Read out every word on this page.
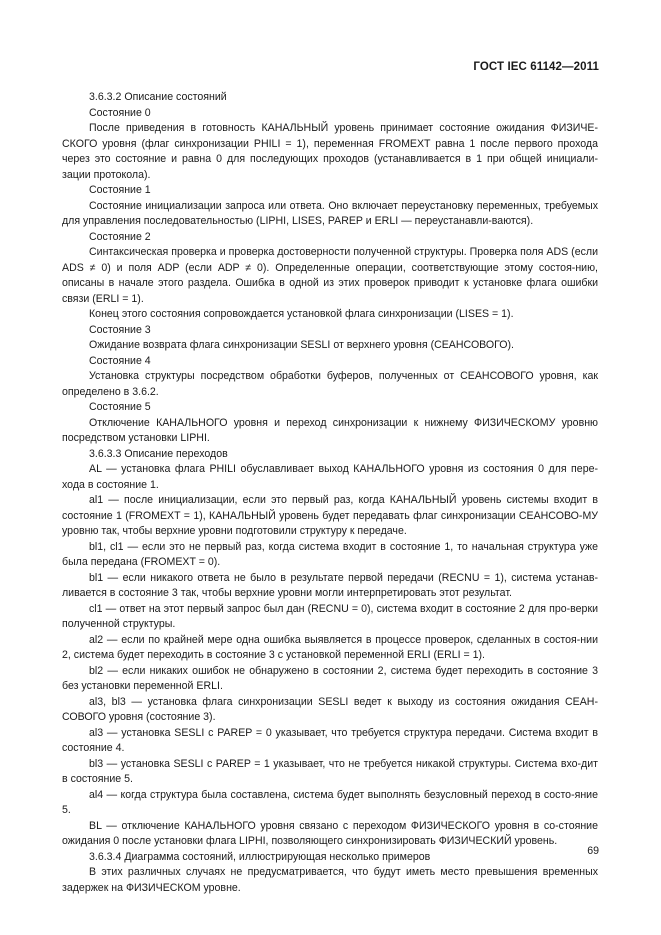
ГОСТ IEC 61142—2011

3.6.3.2 Описание состояний

Состояние 0

После приведения в готовность КАНАЛЬНЫЙ уровень принимает состояние ожидания ФИЗИЧЕ-СКОГО уровня (флаг синхронизации PHILI = 1), переменная FROMEXT равна 1 после первого прохода через это состояние и равна 0 для последующих проходов (устанавливается в 1 при общей инициали-зации протокола).

Состояние 1

Состояние инициализации запроса или ответа. Оно включает переустановку переменных, требуемых для управления последовательностью (LIPHI, LISES, PAREP и ERLI — переустанавли-ваются).

Состояние 2

Синтаксическая проверка и проверка достоверности полученной структуры. Проверка поля ADS (если ADS ≠ 0) и поля ADP (если ADP ≠ 0). Определенные операции, соответствующие этому состоя-нию, описаны в начале этого раздела. Ошибка в одной из этих проверок приводит к установке флага ошибки связи (ERLI = 1).

Конец этого состояния сопровождается установкой флага синхронизации (LISES = 1).

Состояние 3

Ожидание возврата флага синхронизации SESLI от верхнего уровня (СЕАНСОВОГО).

Состояние 4

Установка структуры посредством обработки буферов, полученных от СЕАНСОВОГО уровня, как определено в 3.6.2.

Состояние 5

Отключение КАНАЛЬНОГО уровня и переход синхронизации к нижнему ФИЗИЧЕСКОМУ уровню посредством установки LIPHI.

3.6.3.3 Описание переходов

AL — установка флага PHILI обуславливает выход КАНАЛЬНОГО уровня из состояния 0 для пере-хода в состояние 1.

al1 — после инициализации, если это первый раз, когда КАНАЛЬНЫЙ уровень системы входит в состояние 1 (FROMEXT = 1), КАНАЛЬНЫЙ уровень будет передавать флаг синхронизации СЕАНСОВО-МУ уровню так, чтобы верхние уровни подготовили структуру к передаче.

bl1, cl1 — если это не первый раз, когда система входит в состояние 1, то начальная структура уже была передана (FROMEXT = 0).

bl1 — если никакого ответа не было в результате первой передачи (RECNU = 1), система устанав-ливается в состояние 3 так, чтобы верхние уровни могли интерпретировать этот результат.

cl1 — ответ на этот первый запрос был дан (RECNU = 0), система входит в состояние 2 для про-верки полученной структуры.

al2 — если по крайней мере одна ошибка выявляется в процессе проверок, сделанных в состоя-нии 2, система будет переходить в состояние 3 с установкой переменной ERLI (ERLI = 1).

bl2 — если никаких ошибок не обнаружено в состоянии 2, система будет переходить в состояние 3 без установки переменной ERLI.

al3, bl3 — установка флага синхронизации SESLI ведет к выходу из состояния ожидания СЕАН-СОВОГО уровня (состояние 3).

al3 — установка SESLI с PAREP = 0 указывает, что требуется структура передачи. Система входит в состояние 4.

bl3 — установка SESLI с PAREP = 1 указывает, что не требуется никакой структуры. Система вхо-дит в состояние 5.

al4 — когда структура была составлена, система будет выполнять безусловный переход в состо-яние 5.

BL — отключение КАНАЛЬНОГО уровня связано с переходом ФИЗИЧЕСКОГО уровня в со-стояние ожидания 0 после установки флага LIPHI, позволяющего синхронизировать ФИЗИЧЕСКИЙ уровень.

3.6.3.4 Диаграмма состояний, иллюстрирующая несколько примеров

В этих различных случаях не предусматривается, что будут иметь место превышения временных задержек на ФИЗИЧЕСКОМ уровне.

69
